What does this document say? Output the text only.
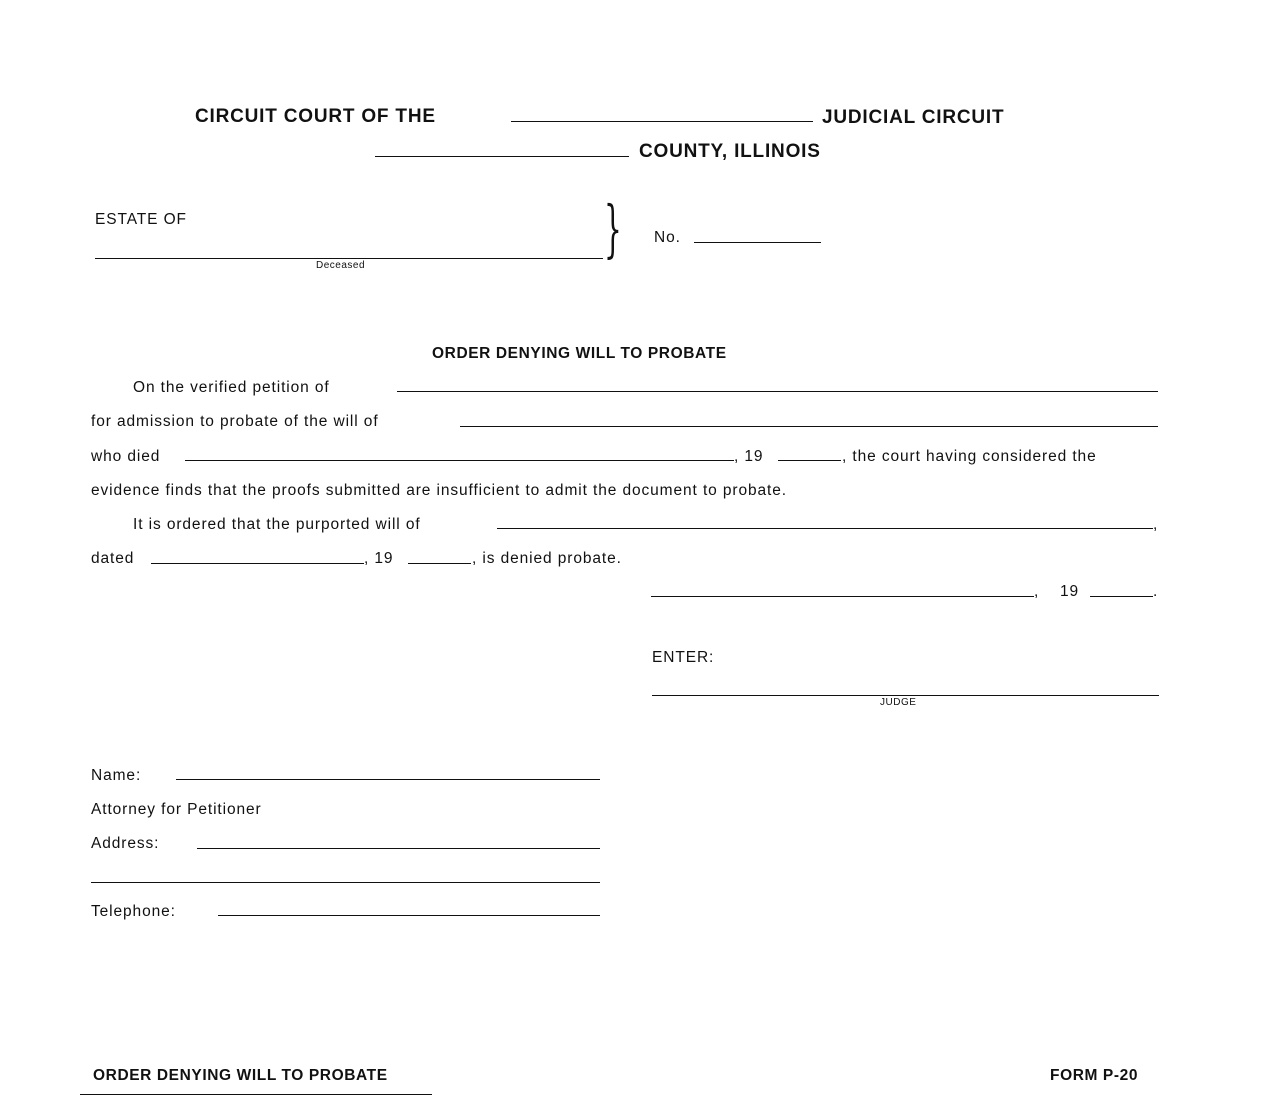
CIRCUIT COURT OF THE	JUDICIAL CIRCUIT
COUNTY, ILLINOIS
ESTATE OF
Deceased
} No.
ORDER DENYING WILL TO PROBATE
On the verified petition of
for admission to probate of the will of
who died	, 19	, the court having considered the
evidence finds that the proofs submitted are insufficient to admit the document to probate.
It is ordered that the purported will of	,
dated	, 19	, is denied probate.
, 19	.
ENTER:
JUDGE
Name:
Attorney for Petitioner
Address:
Telephone:
ORDER DENYING WILL TO PROBATE	FORM P-20
